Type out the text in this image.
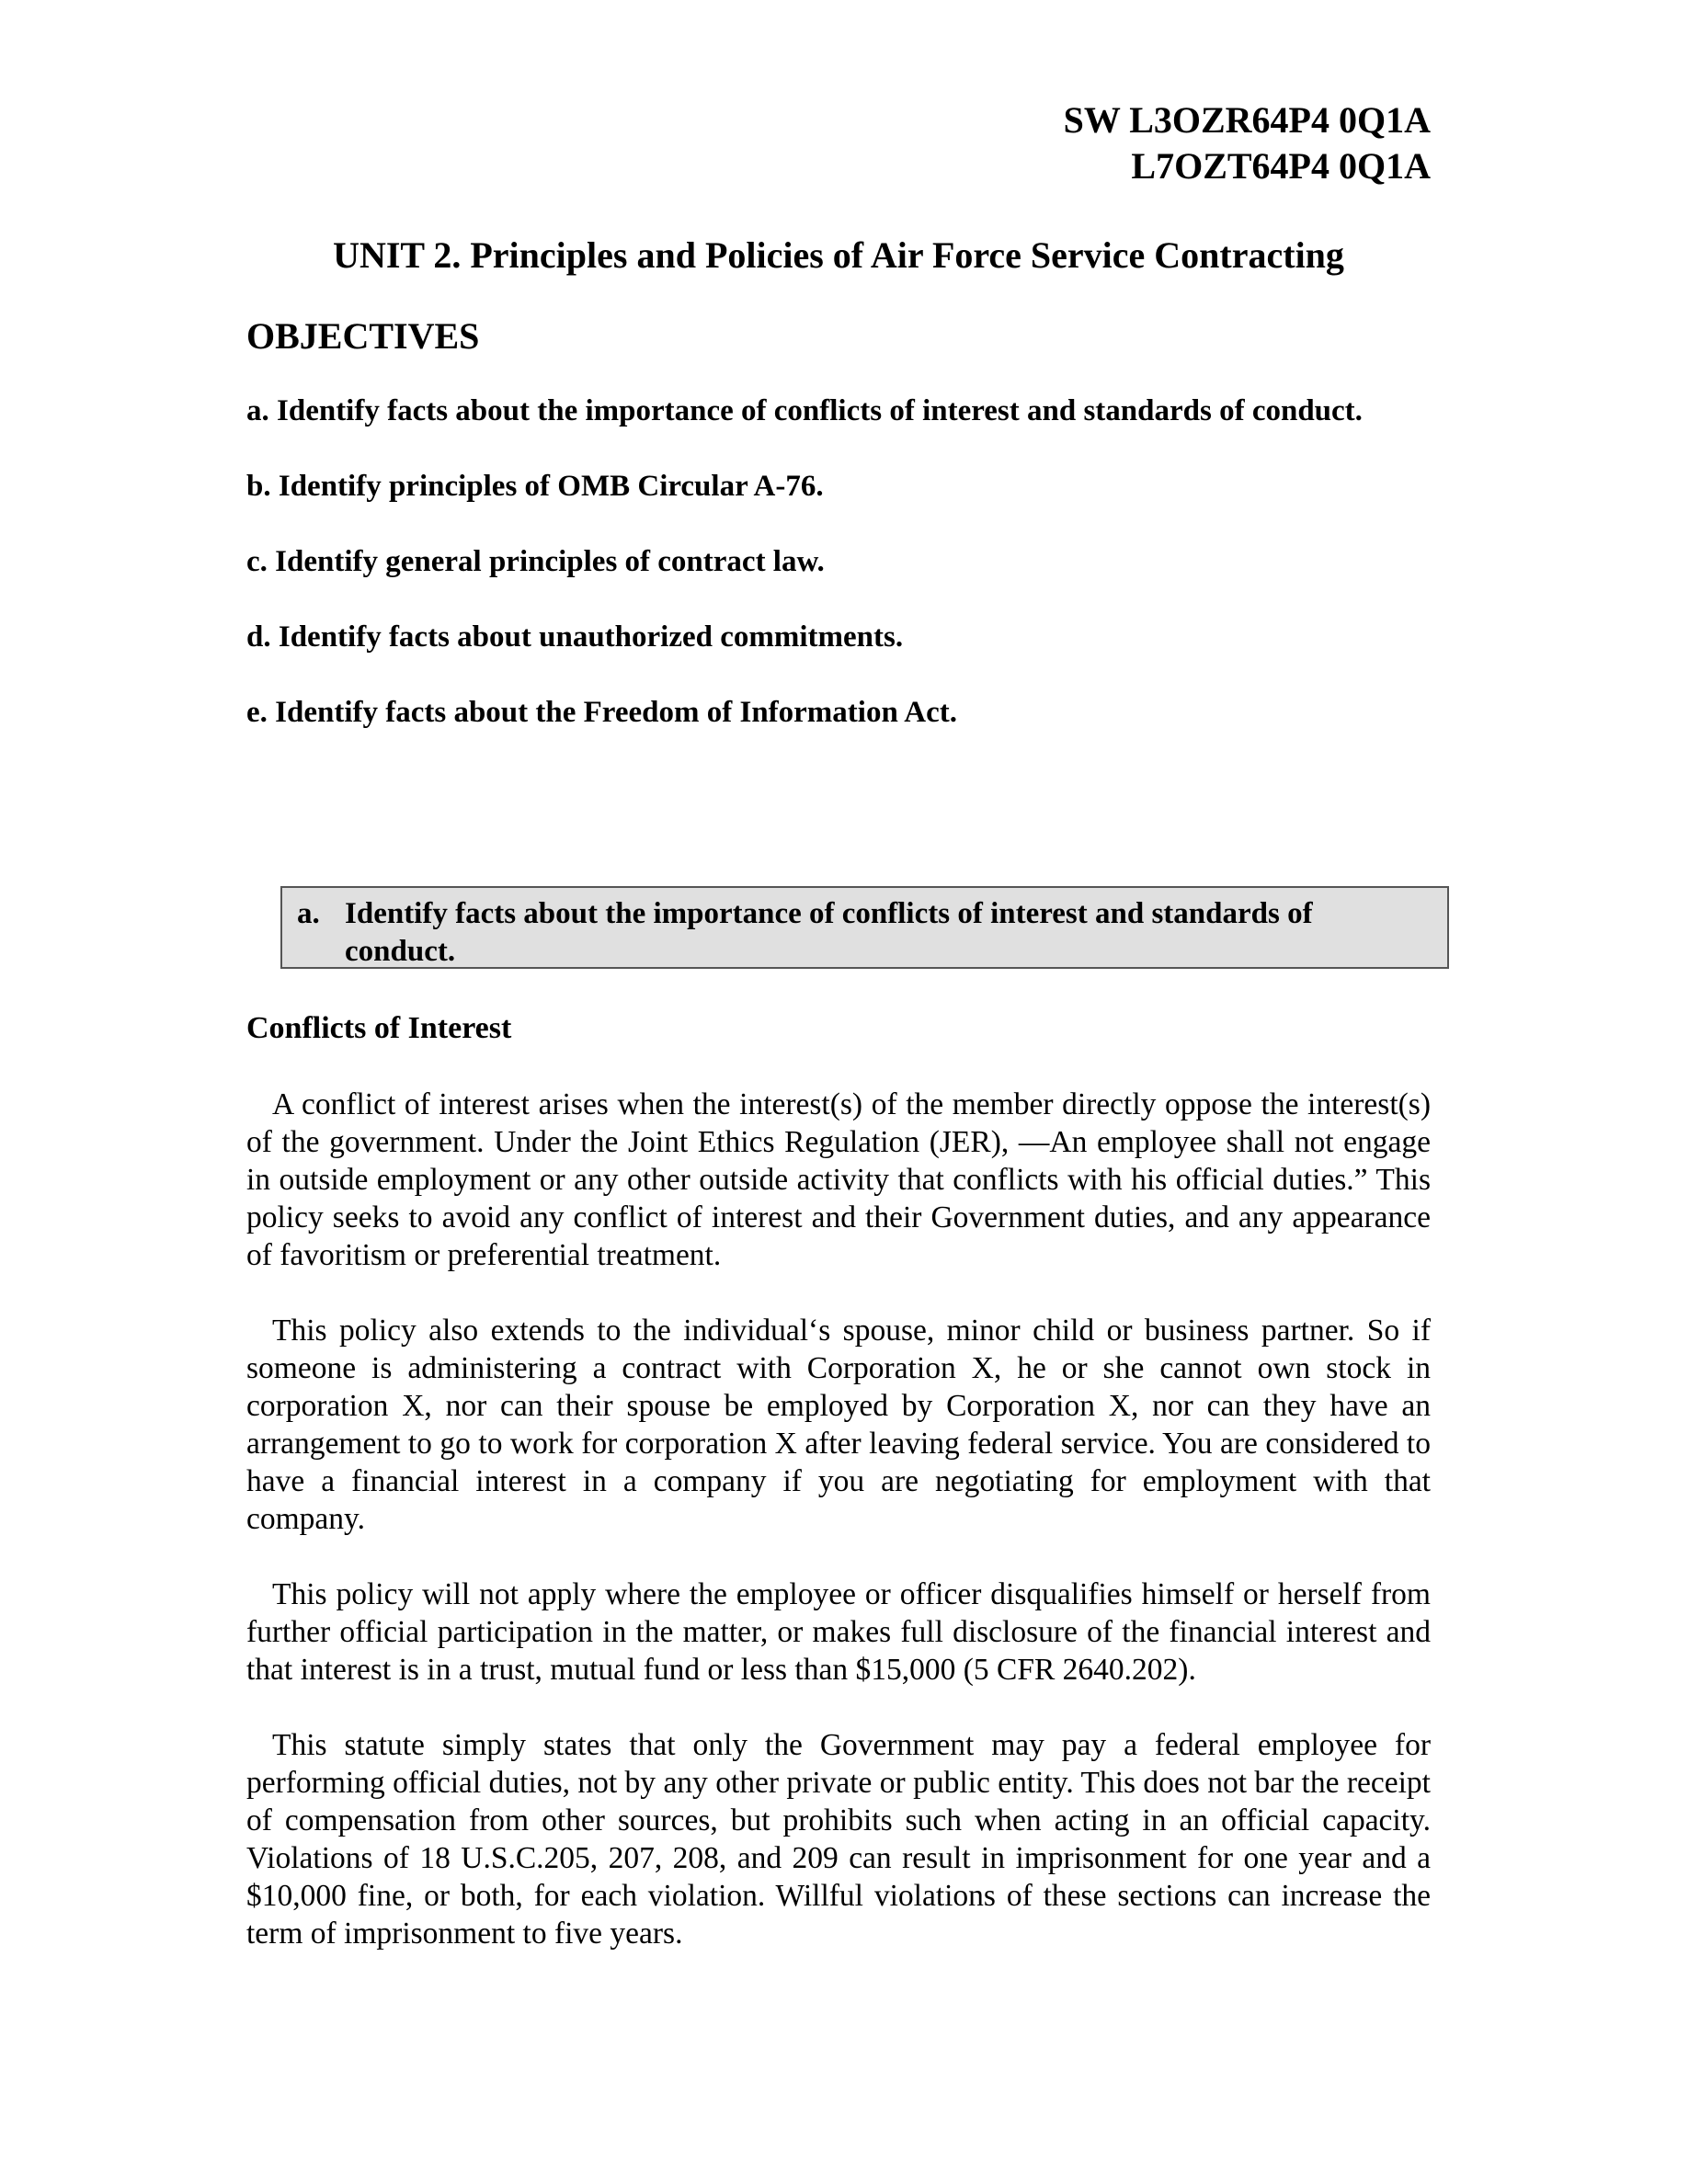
SW L3OZR64P4 0Q1A
L7OZT64P4 0Q1A
UNIT 2. Principles and Policies of Air Force Service Contracting
OBJECTIVES
a. Identify facts about the importance of conflicts of interest and standards of conduct.
b. Identify principles of OMB Circular A-76.
c. Identify general principles of contract law.
d. Identify facts about unauthorized commitments.
e. Identify facts about the Freedom of Information Act.
a. Identify facts about the importance of conflicts of interest and standards of conduct.
Conflicts of Interest

A conflict of interest arises when the interest(s) of the member directly oppose the interest(s) of the government. Under the Joint Ethics Regulation (JER), ―An employee shall not engage in outside employment or any other outside activity that conflicts with his official duties.” This policy seeks to avoid any conflict of interest and their Government duties, and any appearance of favoritism or preferential treatment.

This policy also extends to the individual‘s spouse, minor child or business partner. So if someone is administering a contract with Corporation X, he or she cannot own stock in corporation X, nor can their spouse be employed by Corporation X, nor can they have an arrangement to go to work for corporation X after leaving federal service. You are considered to have a financial interest in a company if you are negotiating for employment with that company.

This policy will not apply where the employee or officer disqualifies himself or herself from further official participation in the matter, or makes full disclosure of the financial interest and that interest is in a trust, mutual fund or less than $15,000 (5 CFR 2640.202).

This statute simply states that only the Government may pay a federal employee for performing official duties, not by any other private or public entity. This does not bar the receipt of compensation from other sources, but prohibits such when acting in an official capacity. Violations of 18 U.S.C.205, 207, 208, and 209 can result in imprisonment for one year and a $10,000 fine, or both, for each violation. Willful violations of these sections can increase the term of imprisonment to five years.
